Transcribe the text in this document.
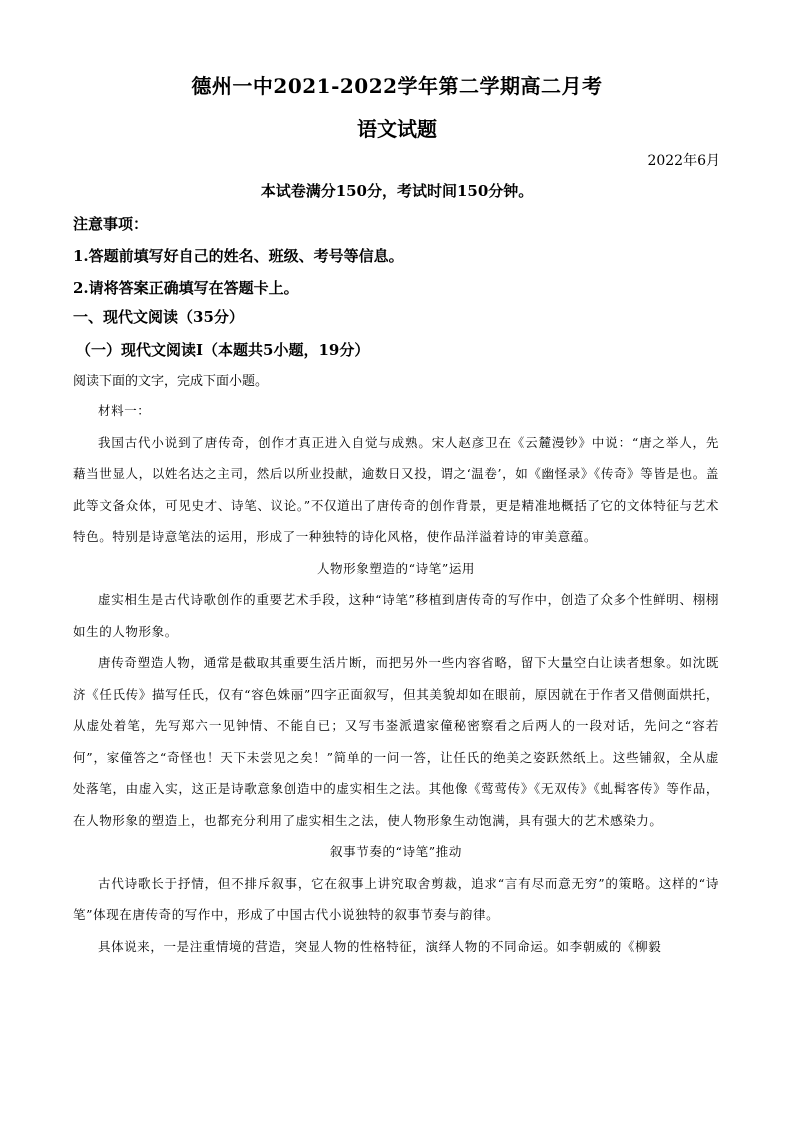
德州一中2021-2022学年第二学期高二月考
语文试题
2022年6月
本试卷满分150分，考试时间150分钟。
注意事项：
1.答题前填写好自己的姓名、班级、考号等信息。
2.请将答案正确填写在答题卡上。
一、现代文阅读（35分）
（一）现代文阅读Ⅰ（本题共5小题，19分）
阅读下面的文字，完成下面小题。

材料一：

我国古代小说到了唐传奇，创作才真正进入自觉与成熟。宋人赵彦卫在《云麓漫钞》中说：“唐之举人，先藉当世显人，以姓名达之主司，然后以所业投献，逾数日又投，谓之‘温卷’，如《幽怪录》《传奇》等皆是也。盖此等文备众体，可见史才、诗笔、议论。”不仅道出了唐传奇的创作背景，更是精准地概括了它的文体特征与艺术特色。特别是诗意笔法的运用，形成了一种独特的诗化风格，使作品洋溢着诗的审美意蕴。

人物形象塑造的“诗笔”运用

虚实相生是古代诗歌创作的重要艺术手段，这种“诗笔”移植到唐传奇的写作中，创造了众多个性鲜明、栩栩如生的人物形象。

唐传奇塑造人物，通常是截取其重要生活片断，而把另外一些内容省略，留下大量空白让读者想象。如沈既济《任氏传》描写任氏，仅有“容色姝丽”四字正面叙写，但其美貌却如在眼前，原因就在于作者又借侧面烘托，从虚处着笔，先写郑六一见钟情、不能自已；又写韦崟派遣家僮秘密察看之后两人的一段对话，先问之“容若何”，家僮答之“奇怪也！天下未尝见之矣！”简单的一问一答，让任氏的绝美之姿跃然纸上。这些铺叙，全从虚处落笔，由虚入实，这正是诗歌意象创造中的虚实相生之法。其他像《莺莺传》《无双传》《虬髯客传》等作品，在人物形象的塑造上，也都充分利用了虚实相生之法，使人物形象生动饱满，具有强大的艺术感染力。

叙事节奏的“诗笔”推动

古代诗歌长于抒情，但不排斥叙事，它在叙事上讲究取舍剪裁，追求“言有尽而意无穷”的策略。这样的“诗笔”体现在唐传奇的写作中，形成了中国古代小说独特的叙事节奏与韵律。

具体说来，一是注重情境的营造，突显人物的性格特征，演绎人物的不同命运。如李朝威的《柳毅
